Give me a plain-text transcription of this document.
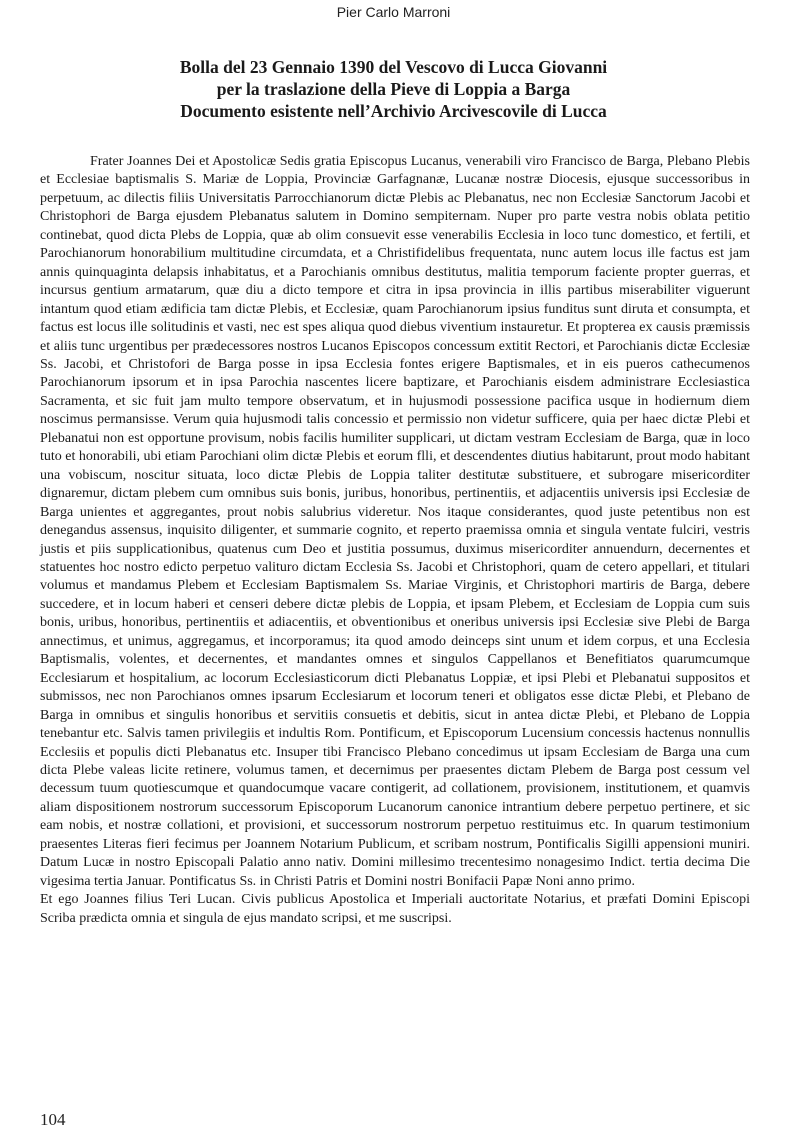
Pier Carlo Marroni
Bolla del 23 Gennaio 1390 del Vescovo di Lucca Giovanni
per la traslazione della Pieve di Loppia a Barga
Documento esistente nell’Archivio Arcivescovile di Lucca

Frater Joannes Dei et Apostolicæ Sedis gratia Episcopus Lucanus, venerabili viro Francisco de Barga, Plebano Plebis et Ecclesiae baptismalis S. Mariæ de Loppia, Provinciæ Garfagnanæ, Lucanæ nostræ Diocesis, ejusque successoribus in perpetuum, ac dilectis filiis Universitatis Parrocchianorum dictæ Plebis ac Plebanatus, nec non Ecclesiæ Sanctorum Jacobi et Christophori de Barga ejusdem Plebanatus salutem in Domino sempiternam. Nuper pro parte vestra nobis oblata petitio continebat, quod dicta Plebs de Loppia, quæ ab olim consuevit esse venerabilis Ecclesia in loco tunc domestico, et fertili, et Parochianorum honorabilium multitudine circumdata, et a Christifidelibus frequentata, nunc autem locus ille factus est jam annis quinquaginta delapsis inhabitatus, et a Parochianis omnibus destitutus, malitia temporum faciente propter guerras, et incursus gentium armatarum, quæ diu a dicto tempore et citra in ipsa provincia in illis partibus miserabiliter viguerunt intantum quod etiam ædificia tam dictæ Plebis, et Ecclesiæ, quam Parochianorum ipsius funditus sunt diruta et consumpta, et factus est locus ille solitudinis et vasti, nec est spes aliqua quod diebus viventium instauretur. Et propterea ex causis præmissis et aliis tunc urgentibus per prædecessores nostros Lucanos Episcopos concessum extitit Rectori, et Parochianis dictæ Ecclesiæ Ss. Jacobi, et Christofori de Barga posse in ipsa Ecclesia fontes erigere Baptismales, et in eis pueros cathecumenos Parochianorum ipsorum et in ipsa Parochia nascentes licere baptizare, et Parochianis eisdem administrare Ecclesiastica Sacramenta, et sic fuit jam multo tempore observatum, et in hujusmodi possessione pacifica usque in hodiernum diem noscimus permansisse. Verum quia hujusmodi talis concessio et permissio non videtur sufficere, quia per haec dictæ Plebi et Plebanatui non est opportune provisum, nobis facilis humiliter supplicari, ut dictam vestram Ecclesiam de Barga, quæ in loco tuto et honorabili, ubi etiam Parochiani olim dictæ Plebis et eorum flli, et descendentes diutius habitarunt, prout modo habitant una vobiscum, noscitur situata, loco dictæ Plebis de Loppia taliter destitutæ substituere, et subrogare misericorditer dignaremur, dictam plebem cum omnibus suis bonis, juribus, honoribus, pertinentiis, et adjacentiis universis ipsi Ecclesiæ de Barga unientes et aggregantes, prout nobis salubrius videretur. Nos itaque considerantes, quod juste petentibus non est denegandus assensus, inquisito diligenter, et summarie cognito, et reperto praemissa omnia et singula ventate fulciri, vestris justis et piis supplicationibus, quatenus cum Deo et justitia possumus, duximus misericorditer annuendurn, decernentes et statuentes hoc nostro edicto perpetuo valituro dictam Ecclesia Ss. Jacobi et Christophori, quam de cetero appellari, et titulari volumus et mandamus Plebem et Ecclesiam Baptismalem Ss. Mariae Virginis, et Christophori martiris de Barga, debere succedere, et in locum haberi et censeri debere dictæ plebis de Loppia, et ipsam Plebem, et Ecclesiam de Loppia cum suis bonis, uribus, honoribus, pertinentiis et adiacentiis, et obventionibus et oneribus universis ipsi Ecclesiæ sive Plebi de Barga annectimus, et unimus, aggregamus, et incorporamus; ita quod amodo deinceps sint unum et idem corpus, et una Ecclesia Baptismalis, volentes, et decernentes, et mandantes omnes et singulos Cappellanos et Benefitiatos quarumcumque Ecclesiarum et hospitalium, ac locorum Ecclesiasticorum dicti Plebanatus Loppiæ, et ipsi Plebi et Plebanatui suppositos et submissos, nec non Parochianos omnes ipsarum Ecclesiarum et locorum teneri et obligatos esse dictæ Plebi, et Plebano de Barga in omnibus et singulis honoribus et servitiis consuetis et debitis, sicut in antea dictæ Plebi, et Plebano de Loppia tenebantur etc. Salvis tamen privilegiis et indultis Rom. Pontificum, et Episcoporum Lucensium concessis hactenus nonnullis Ecclesiis et populis dicti Plebanatus etc. Insuper tibi Francisco Plebano concedimus ut ipsam Ecclesiam de Barga una cum dicta Plebe valeas licite retinere, volumus tamen, et decernimus per praesentes dictam Plebem de Barga post cessum vel decessum tuum quotiescumque et quandocumque vacare contigerit, ad collationem, provisionem, institutionem, et quamvis aliam dispositionem nostrorum successorum Episcoporum Lucanorum canonice intrantium debere perpetuo pertinere, et sic eam nobis, et nostræ collationi, et provisioni, et successorum nostrorum perpetuo restituimus etc. In quarum testimonium praesentes Literas fieri fecimus per Joannem Notarium Publicum, et scribam nostrum, Pontificalis Sigilli appensioni muniri. Datum Lucæ in nostro Episcopali Palatio anno nativ. Domini millesimo trecentesimo nonagesimo Indict. tertia decima Die vigesima tertia Januar. Pontificatus Ss. in Christi Patris et Domini nostri Bonifacii Papæ Noni anno primo.

Et ego Joannes filius Teri Lucan. Civis publicus Apostolica et Imperiali auctoritate Notarius, et præfati Domini Episcopi Scriba prædicta omnia et singula de ejus mandato scripsi, et me suscripsi.

104
